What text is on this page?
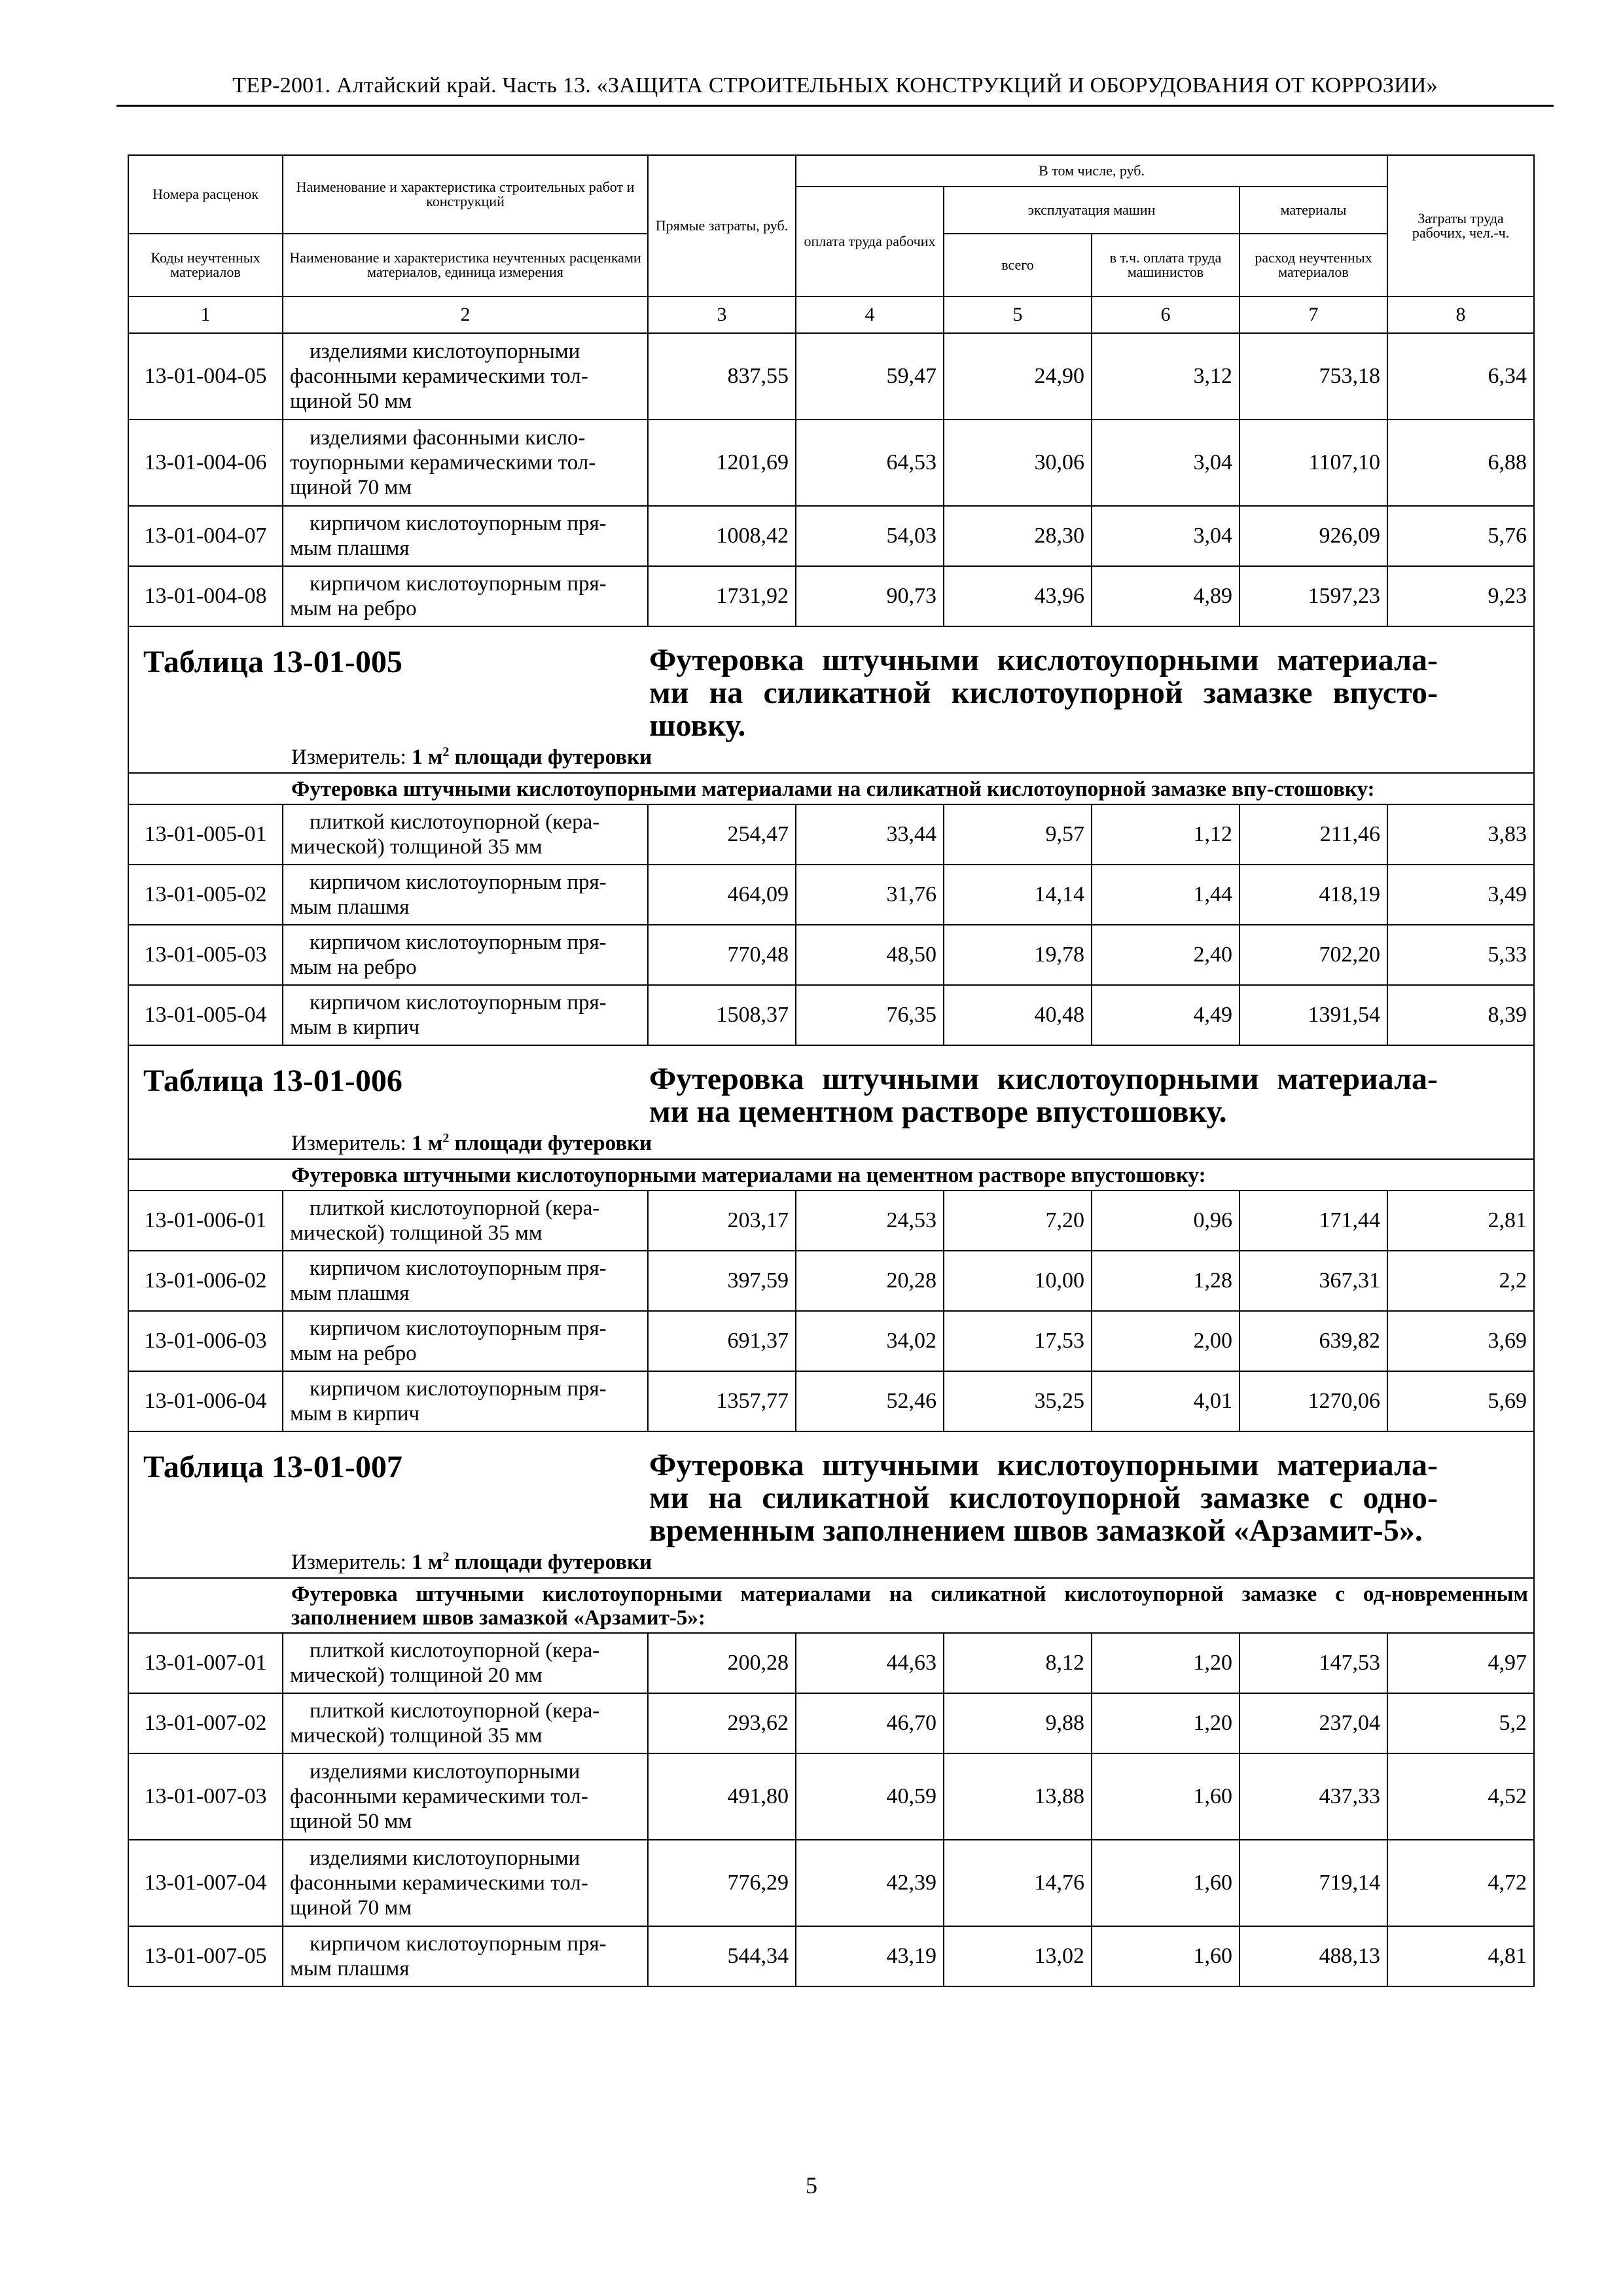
ТЕР-2001. Алтайский край. Часть 13. «ЗАЩИТА СТРОИТЕЛЬНЫХ КОНСТРУКЦИЙ И ОБОРУДОВАНИЯ ОТ КОРРОЗИИ»
Номера расценок	Наименование и характеристика строительных работ и конструкций	Прямые затраты, руб.	В том числе, руб.				Затраты труда рабочих, чел.-ч.
			оплата труда рабочих	эксплуатация машин		материалы	
Коды неучтенных материалов	Наименование и характеристика неучтенных расценками материалов, единица измерения			всего	в т.ч. оплата труда машинистов	расход неучтенных материалов	
1	2	3	4	5	6	7	8
13-01-004-05	изделиями кислотоупорными
фасонными керамическими тол-
щиной 50 мм	837,55	59,47	24,90	3,12	753,18	6,34
13-01-004-06	изделиями фасонными кисло-
тоупорными керамическими тол-
щиной 70 мм	1201,69	64,53	30,06	3,04	1107,10	6,88
13-01-004-07	кирпичом кислотоупорным пря-
мым плашмя	1008,42	54,03	28,30	3,04	926,09	5,76
13-01-004-08	кирпичом кислотоупорным пря-
мым на ребро	1731,92	90,73	43,96	4,89	1597,23	9,23

Таблица 13-01-005 Футеровка штучными кислотоупорными материала-ми на силикатной кислотоупорной замазке впусто-шовку.
Измеритель: 1 $м^2$ площади футеровки							

Футеровка штучными кислотоупорными материалами на силикатной кислотоупорной замазке впу-стошовку:							
13-01-005-01	плиткой кислотоупорной (кера-
мической) толщиной 35 мм	254,47	33,44	9,57	1,12	211,46	3,83
13-01-005-02	кирпичом кислотоупорным пря-
мым плашмя	464,09	31,76	14,14	1,44	418,19	3,49
13-01-005-03	кирпичом кислотоупорным пря-
мым на ребро	770,48	48,50	19,78	2,40	702,20	5,33
13-01-005-04	кирпичом кислотоупорным пря-
мым в кирпич	1508,37	76,35	40,48	4,49	1391,54	8,39

Таблица 13-01-006 Футеровка штучными кислотоупорными материала-ми на цементном растворе впустошовку.
Измеритель: 1 $м^2$ площади футеровки							

Футеровка штучными кислотоупорными материалами на цементном растворе впустошовку:							
13-01-006-01	плиткой кислотоупорной (кера-
мической) толщиной 35 мм	203,17	24,53	7,20	0,96	171,44	2,81
13-01-006-02	кирпичом кислотоупорным пря-
мым плашмя	397,59	20,28	10,00	1,28	367,31	2,2
13-01-006-03	кирпичом кислотоупорным пря-
мым на ребро	691,37	34,02	17,53	2,00	639,82	3,69
13-01-006-04	кирпичом кислотоупорным пря-
мым в кирпич	1357,77	52,46	35,25	4,01	1270,06	5,69

Таблица 13-01-007 Футеровка штучными кислотоупорными материала-ми на силикатной кислотоупорной замазке с одно-временным заполнением швов замазкой «Арзамит-5».
Измеритель: 1 $м^2$ площади футеровки							

Футеровка штучными кислотоупорными материалами на силикатной кислотоупорной замазке с од-новременным заполнением швов замазкой «Арзамит-5»:							
13-01-007-01	плиткой кислотоупорной (кера-
мической) толщиной 20 мм	200,28	44,63	8,12	1,20	147,53	4,97
13-01-007-02	плиткой кислотоупорной (кера-
мической) толщиной 35 мм	293,62	46,70	9,88	1,20	237,04	5,2
13-01-007-03	изделиями кислотоупорными
фасонными керамическими тол-
щиной 50 мм	491,80	40,59	13,88	1,60	437,33	4,52
13-01-007-04	изделиями кислотоупорными
фасонными керамическими тол-
щиной 70 мм	776,29	42,39	14,76	1,60	719,14	4,72
13-01-007-05	кирпичом кислотоупорным пря-
мым плашмя	544,34	43,19	13,02	1,60	488,13	4,81
5
